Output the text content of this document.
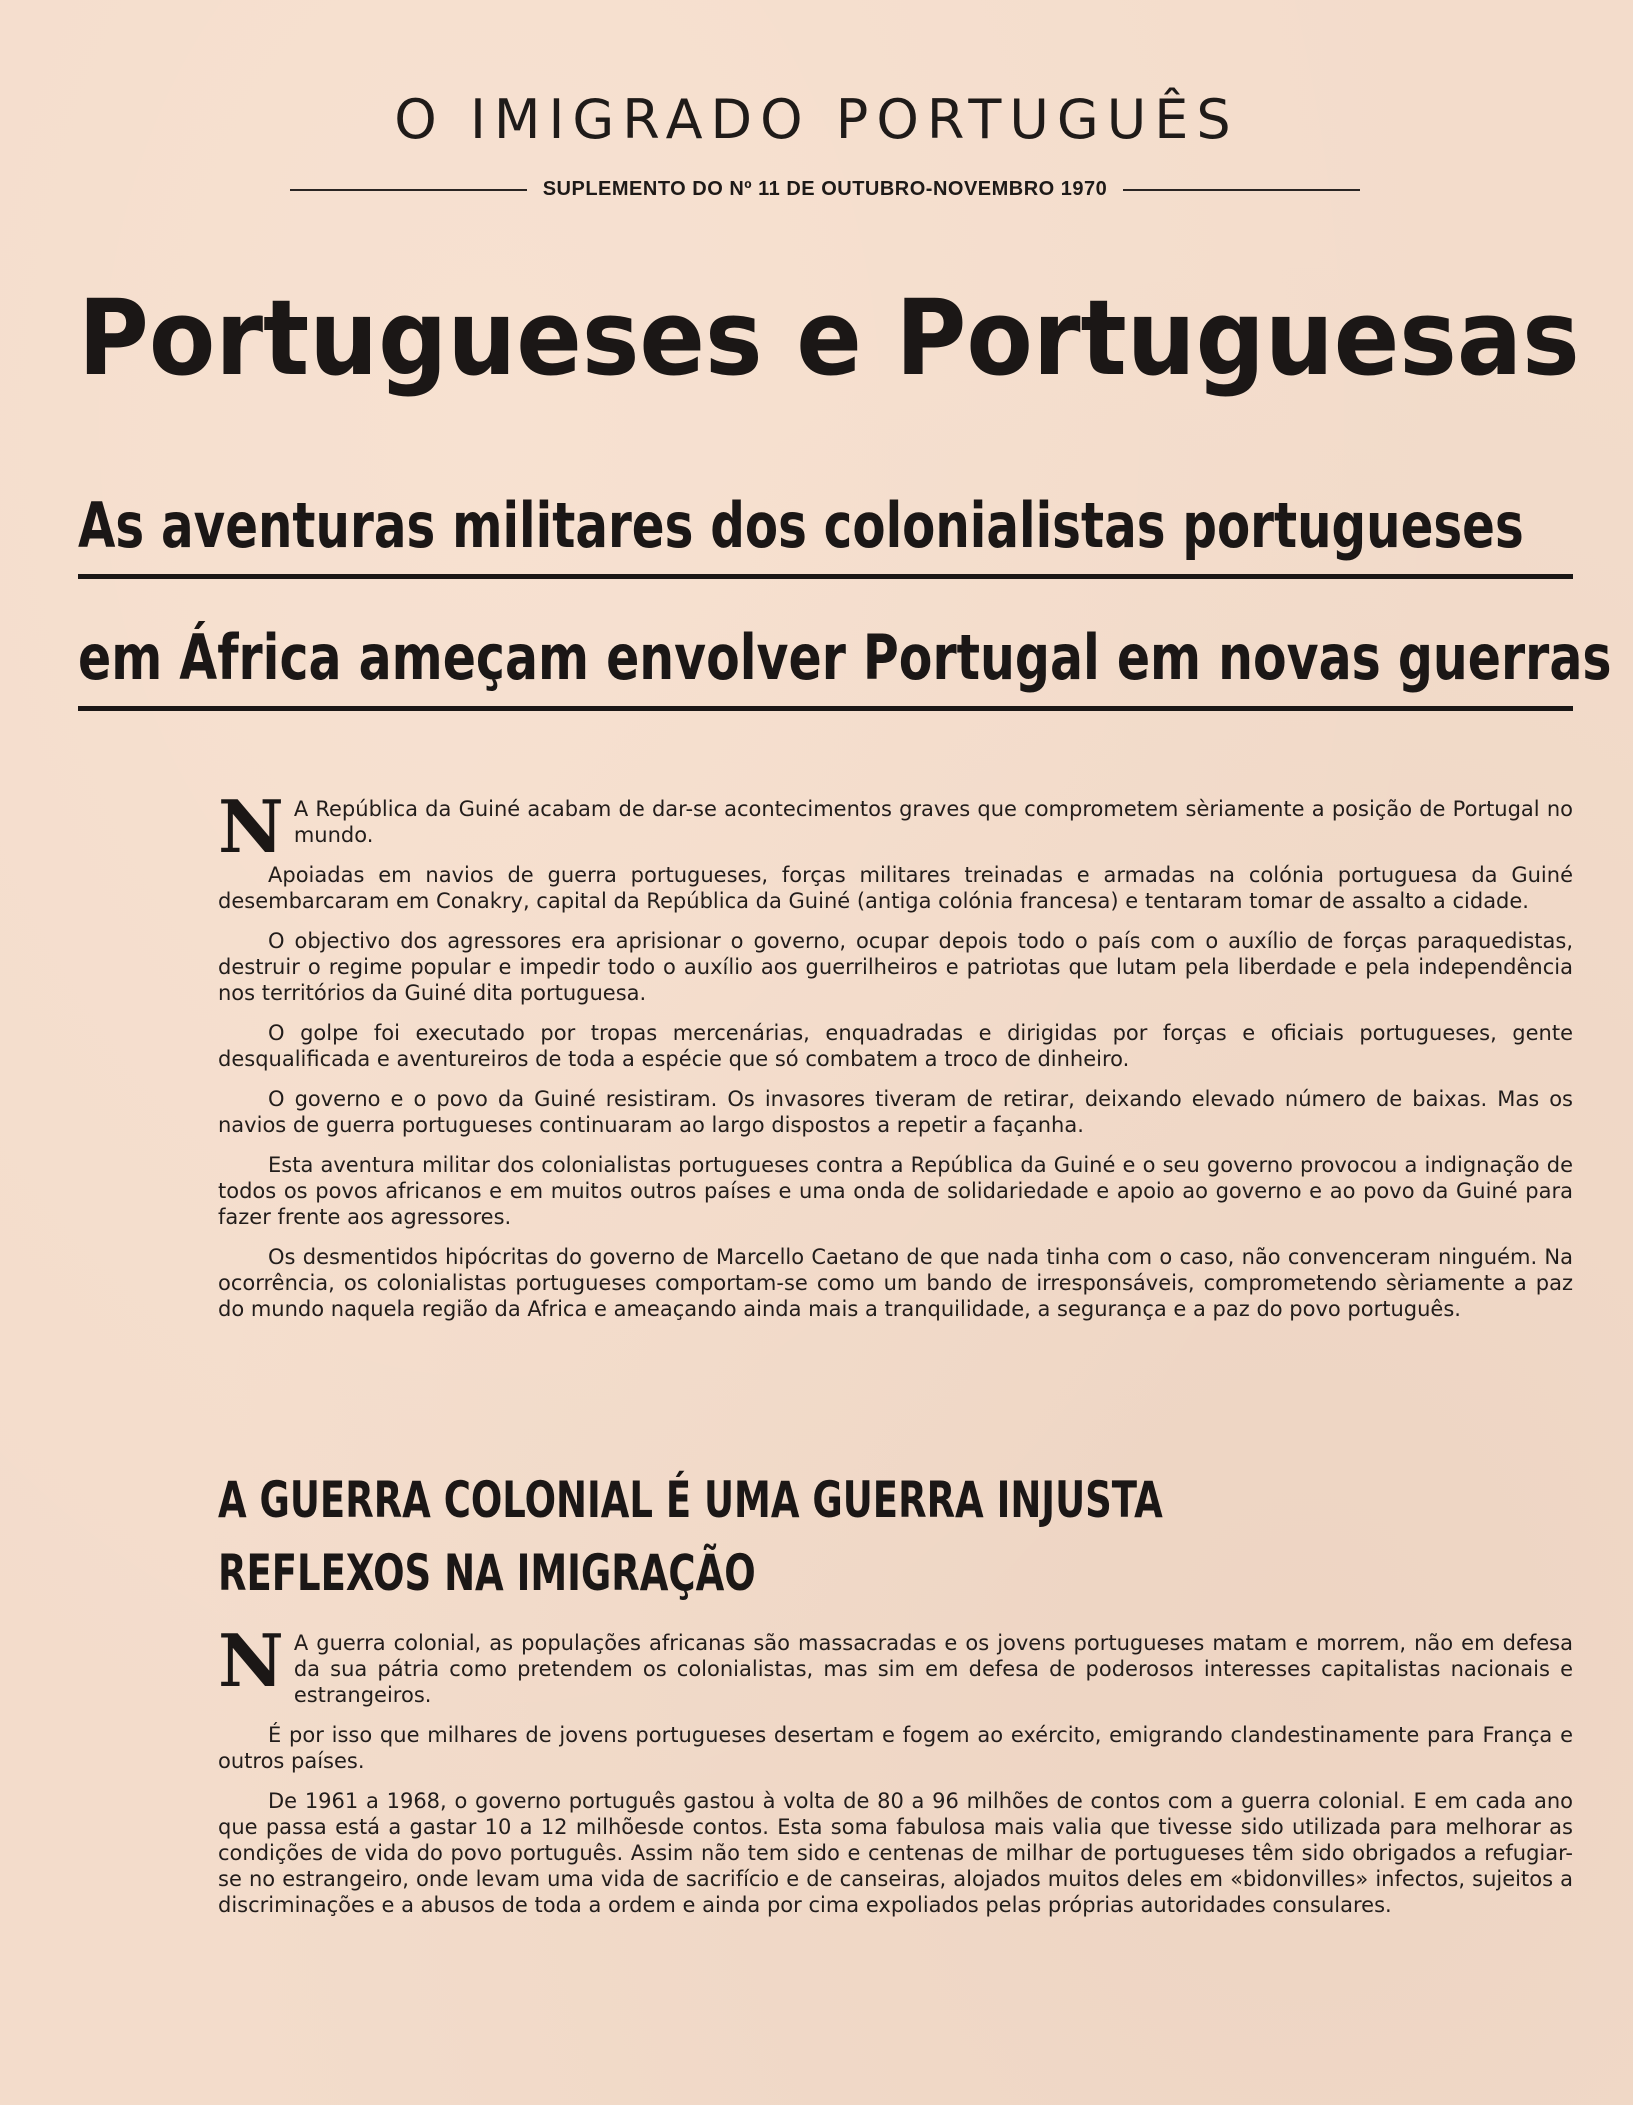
O IMIGRADO PORTUGUÊS
SUPLEMENTO DO Nº 11 DE OUTUBRO-NOVEMBRO 1970
Portugueses e Portuguesas
As aventuras militares dos colonialistas portugueses
em África ameçam envolver Portugal em novas guerras

N A República da Guiné acabam de dar-se acontecimentos graves que comprometem sèriamente a posição de Portugal no mundo.

Apoiadas em navios de guerra portugueses, forças militares treinadas e armadas na colónia portuguesa da Guiné desembarcaram em Conakry, capital da República da Guiné (antiga colónia francesa) e tentaram tomar de assalto a cidade.

O objectivo dos agressores era aprisionar o governo, ocupar depois todo o país com o auxílio de forças paraquedistas, destruir o regime popular e impedir todo o auxílio aos guerrilheiros e patriotas que lutam pela liberdade e pela independência nos territórios da Guiné dita portuguesa.

O golpe foi executado por tropas mercenárias, enquadradas e dirigidas por forças e oficiais portugueses, gente desqualificada e aventureiros de toda a espécie que só combatem a troco de dinheiro.

O governo e o povo da Guiné resistiram. Os invasores tiveram de retirar, deixando elevado número de baixas. Mas os navios de guerra portugueses continuaram ao largo dispostos a repetir a façanha.

Esta aventura militar dos colonialistas portugueses contra a República da Guiné e o seu governo provocou a indignação de todos os povos africanos e em muitos outros países e uma onda de solidariedade e apoio ao governo e ao povo da Guiné para fazer frente aos agressores.

Os desmentidos hipócritas do governo de Marcello Caetano de que nada tinha com o caso, não convenceram ninguém. Na ocorrência, os colonialistas portugueses comportam-se como um bando de irresponsáveis, comprometendo sèriamente a paz do mundo naquela região da Africa e ameaçando ainda mais a tranquilidade, a segurança e a paz do povo português.

A GUERRA COLONIAL É UMA GUERRA INJUSTA
REFLEXOS NA IMIGRAÇÃO

N A guerra colonial, as populações africanas são massacradas e os jovens portugueses matam e morrem, não em defesa da sua pátria como pretendem os colonialistas, mas sim em defesa de poderosos interesses capitalistas nacionais e estrangeiros.

É por isso que milhares de jovens portugueses desertam e fogem ao exército, emigrando clandestinamente para França e outros países.

De 1961 a 1968, o governo português gastou à volta de 80 a 96 milhões de contos com a guerra colonial. E em cada ano que passa está a gastar 10 a 12 milhõesde contos. Esta soma fabulosa mais valia que tivesse sido utilizada para melhorar as condições de vida do povo português. Assim não tem sido e centenas de milhar de portugueses têm sido obrigados a refugiar-se no estrangeiro, onde levam uma vida de sacrifício e de canseiras, alojados muitos deles em «bidonvilles» infectos, sujeitos a discriminações e a abusos de toda a ordem e ainda por cima expoliados pelas próprias autoridades consulares.
